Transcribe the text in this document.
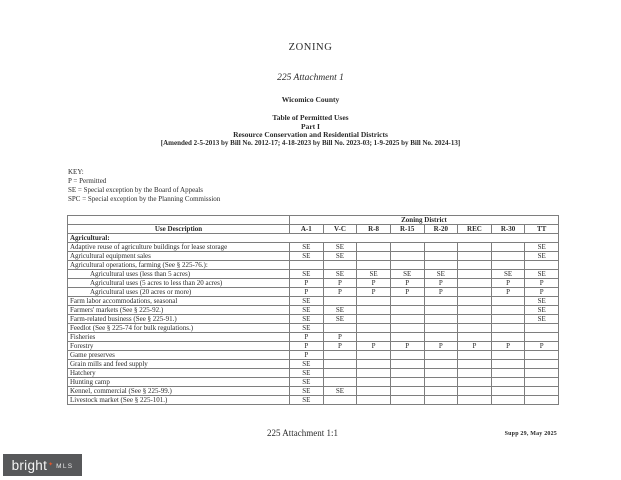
ZONING
225 Attachment 1
Wicomico County
Table of Permitted Uses
Part I
Resource Conservation and Residential Districts
[Amended 2-5-2013 by Bill No. 2012-17; 4-18-2023 by Bill No. 2023-03; 1-9-2025 by Bill No. 2024-13]
KEY:
P = Permitted
SE = Special exception by the Board of Appeals
SPC = Special exception by the Planning Commission
	Zoning District							
Use Description	A-1	V-C	R-8	R-15	R-20	REC	R-30	TT
Agricultural:								
Adaptive reuse of agriculture buildings for lease storage	SE	SE						SE
Agricultural equipment sales	SE	SE						SE
Agricultural operations, farming (See § 225-76.):								
Agricultural uses (less than 5 acres)	SE	SE	SE	SE	SE		SE	SE
Agricultural uses (5 acres to less than 20 acres)	P	P	P	P	P		P	P
Agricultural uses (20 acres or more)	P	P	P	P	P		P	P
Farm labor accommodations, seasonal	SE							SE
Farmers' markets (See § 225-92.)	SE	SE						SE
Farm-related business (See § 225-91.)	SE	SE						SE
Feedlot (See § 225-74 for bulk regulations.)	SE							
Fisheries	P	P						
Forestry	P	P	P	P	P	P	P	P
Game preserves	P							
Grain mills and feed supply	SE							
Hatchery	SE							
Hunting camp	SE							
Kennel, commercial (See § 225-99.)	SE	SE						
Livestock market (See § 225-101.)	SE							
225 Attachment 1:1	Supp 29, May 2025
bright ✦ MLS
